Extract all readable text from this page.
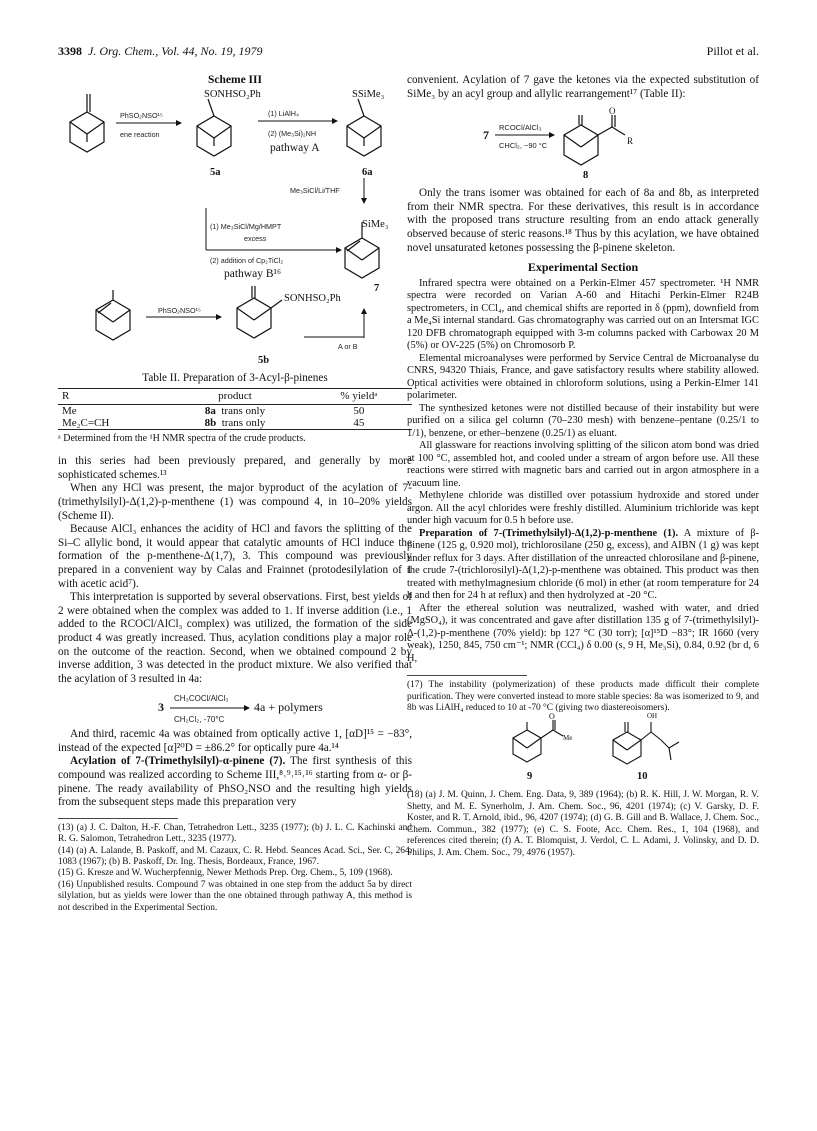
3398 J. Org. Chem., Vol. 44, No. 19, 1979	Pillot et al.
Scheme III
PhSO₂NSO¹⁵
ene reaction
SONHSO₂Ph
5a
(1) LiAlH₄
(2) (Me₃Si)₂NH
pathway A
SSiMe₃
6a
Me₃SiCl/Li/THF
(1) Me₃SiCl/Mg/HMPT
excess
(2) addition of Cp₂TiCl₂
pathway B¹⁶
SiMe₃
7
PhSO₂NSO¹⁵
SONHSO₂Ph
A or B
5b

Table II. Preparation of 3-Acyl-β-pinenes

R	product	% yieldᵃ
Me	8a trans only	50
Me₂C=CH	8b trans only	45

ᵃ Determined from the ¹H NMR spectra of the crude products.

in this series had been previously prepared, and generally by more sophisticated schemes.¹³

When any HCl was present, the major byproduct of the acylation of 7-(trimethylsilyl)-Δ(1,2)-p-menthene (1) was compound 4, in 10–20% yields (Scheme II).

Because AlCl₃ enhances the acidity of HCl and favors the splitting of the Si–C allylic bond, it would appear that catalytic amounts of HCl induce the formation of the p-menthene-Δ(1,7), 3. This compound was previously prepared in a convenient way by Calas and Frainnet (protodesilylation of 1 with acetic acid⁷).

This interpretation is supported by several observations. First, best yields of 2 were obtained when the complex was added to 1. If inverse addition (i.e., 1 added to the RCOCl/AlCl₃ complex) was utilized, the formation of the side product 4 was greatly increased. Thus, acylation conditions play a major role on the outcome of the reaction. Second, when we obtained compound 2 by inverse addition, 3 was detected in the product mixture. We also verified that the acylation of 3 resulted in 4a:

3
CH₃COCl/AlCl₃
CH₂Cl₂, -70°C
4a + polymers

And third, racemic 4a was obtained from optically active 1, [αD]¹⁵ = −83°, instead of the expected [α]²⁰D = ±86.2° for optically pure 4a.¹⁴

Acylation of 7-(Trimethylsilyl)-α-pinene (7). The first synthesis of this compound was realized according to Scheme III,⁸˒⁹˒¹⁵˒¹⁶ starting from α- or β-pinene. The ready availability of PhSO₂NSO and the resulting high yields from the subsequent steps made this preparation very

(13) (a) J. C. Dalton, H.-F. Chan, Tetrahedron Lett., 3235 (1977); (b) J. L. C. Kachinski and R. G. Salomon, Tetrahedron Lett., 3235 (1977).

(14) (a) A. Lalande, B. Paskoff, and M. Cazaux, C. R. Hebd. Seances Acad. Sci., Ser. C, 264, 1083 (1967); (b) B. Paskoff, Dr. Ing. Thesis, Bordeaux, France, 1967.

(15) G. Kresze and W. Wucherpfennig, Newer Methods Prep. Org. Chem., 5, 109 (1968).

(16) Unpublished results. Compound 7 was obtained in one step from the adduct 5a by direct silylation, but as yields were lower than the one obtained through pathway A, this method is not described in the Experimental Section.

convenient. Acylation of 7 gave the ketones via the expected substitution of SiMe₃ by an acyl group and allylic rearrangement¹⁷ (Table II):

7
RCOCl/AlCl₃
CHCl₂, −90 °C
O
R
8

Only the trans isomer was obtained for each of 8a and 8b, as interpreted from their NMR spectra. For these derivatives, this result is in accordance with the proposed trans structure resulting from an endo attack generally observed because of steric reasons.¹⁸ Thus by this acylation, we have obtained novel unsaturated ketones possessing the β-pinene skeleton.

Experimental Section

Infrared spectra were obtained on a Perkin-Elmer 457 spectrometer. ¹H NMR spectra were recorded on Varian A-60 and Hitachi Perkin-Elmer R24B spectrometers, in CCl₄, and chemical shifts are reported in δ (ppm), downfield from a Me₄Si internal standard. Gas chromatography was carried out on an Intersmat IGC 120 DFB chromatograph equipped with 3-m columns packed with Carbowax 20 M (5%) or OV-225 (5%) on Chromosorb P.

Elemental microanalyses were performed by Service Central de Microanalyse du CNRS, 94320 Thiais, France, and gave satisfactory results where stability allowed. Optical activities were obtained in chloroform solutions, using a Perkin-Elmer 141 polarimeter.

The synthesized ketones were not distilled because of their instability but were purified on a silica gel column (70–230 mesh) with benzene–pentane (0.25/1 to 1/1), benzene, or ether–benzene (0.25/1) as eluant.

All glassware for reactions involving splitting of the silicon atom bond was dried at 100 °C, assembled hot, and cooled under a stream of argon before use. All these reactions were stirred with magnetic bars and carried out in argon atmosphere in a vacuum line.

Methylene chloride was distilled over potassium hydroxide and stored under argon. All the acyl chlorides were freshly distilled. Aluminium trichloride was kept under high vacuum for 0.5 h before use.

Preparation of 7-(Trimethylsilyl)-Δ(1,2)-p-menthene (1). A mixture of β-pinene (125 g, 0.920 mol), trichlorosilane (250 g, excess), and AIBN (1 g) was kept under reflux for 3 days. After distillation of the unreacted chlorosilane and β-pinene, the crude 7-(trichlorosilyl)-Δ(1,2)-p-menthene was obtained. This product was then treated with methylmagnesium chloride (6 mol) in ether (at room temperature for 24 h and then for 24 h at reflux) and then hydrolyzed at -20 °C.

After the ethereal solution was neutralized, washed with water, and dried (MgSO₄), it was concentrated and gave after distillation 135 g of 7-(trimethylsilyl)-Δ-(1,2)-p-menthene (70% yield): bp 127 °C (30 torr); [α]¹⁵D −83°; IR 1660 (very weak), 1250, 845, 750 cm⁻¹; NMR (CCl₄) δ 0.00 (s, 9 H, Me₃Si), 0.84, 0.92 (br d, 6 H,

(17) The instability (polymerization) of these products made difficult their complete purification. They were converted instead to more stable species: 8a was isomerized to 9, and 8b was LiAlH₄ reduced to 10 at -70 °C (giving two diastereoisomers).

O
Me
OH
9	10

(18) (a) J. M. Quinn, J. Chem. Eng. Data, 9, 389 (1964); (b) R. K. Hill, J. W. Morgan, R. V. Shetty, and M. E. Synerholm, J. Am. Chem. Soc., 96, 4201 (1974); (c) V. Garsky, D. F. Koster, and R. T. Arnold, ibid., 96, 4207 (1974); (d) G. B. Gill and B. Wallace, J. Chem. Soc., Chem. Commun., 382 (1977); (e) C. S. Foote, Acc. Chem. Res., 1, 104 (1968), and references cited therein; (f) A. T. Blomquist, J. Verdol, C. L. Adami, J. Volinsky, and D. D. Philips, J. Am. Chem. Soc., 79, 4976 (1957).
